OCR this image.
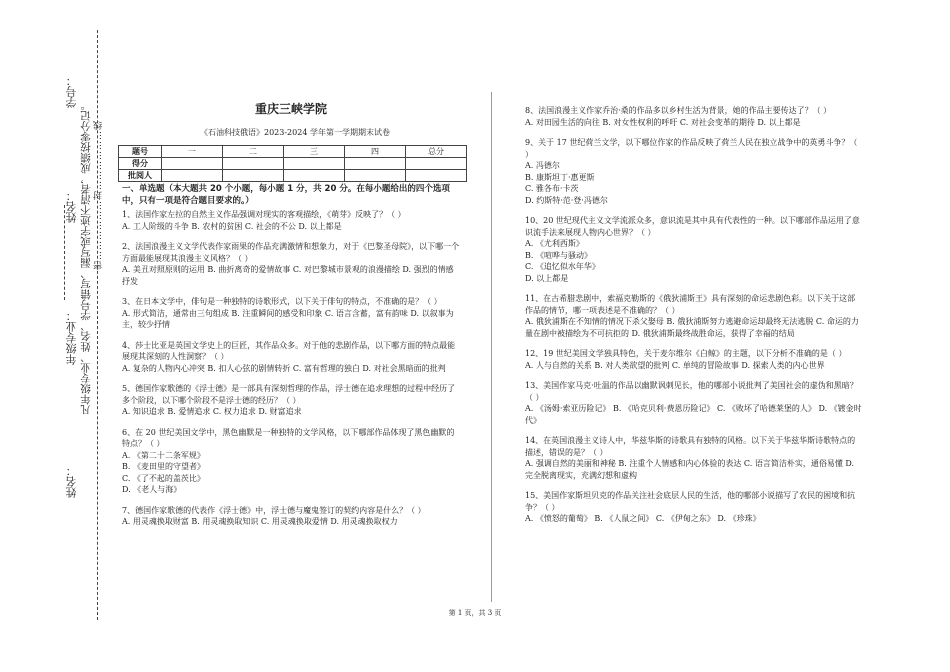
学号：
姓名：
年级专业：
姓名：
凡年级专业、姓名、学号错写、漏写或字迹不清者，成绩按零分记。 密………………封………………线
重庆三峡学院
《石油科技俄语》2023-2024 学年第一学期期末试卷
题号	一	二	三	四	总分
得分					
批阅人					

一、单选题（本大题共 20 个小题，每小题 1 分，共 20 分。在每小题给出的四个选项中，只有一项是符合题目要求的。）

1、法国作家左拉的自然主义作品强调对现实的客观描绘，《萌芽》反映了？（ ）

A. 工人阶级的斗争 B. 农村的贫困 C. 社会的不公 D. 以上都是

2、法国浪漫主义文学代表作家雨果的作品充满激情和想象力，对于《巴黎圣母院》，以下哪一个方面最能展现其浪漫主义风格？（ ）

A. 美丑对照原则的运用 B. 曲折离奇的爱情故事 C. 对巴黎城市景观的浪漫描绘 D. 强烈的情感抒发

3、在日本文学中，俳句是一种独特的诗歌形式，以下关于俳句的特点，不准确的是？（ ）

A. 形式简洁，通常由三句组成 B. 注重瞬间的感受和印象 C. 语言含蓄，富有韵味 D. 以叙事为主，较少抒情

4、莎士比亚是英国文学史上的巨匠，其作品众多。对于他的悲剧作品，以下哪方面的特点最能展现其深刻的人性洞察？（ ）

A. 复杂的人物内心冲突 B. 扣人心弦的剧情转折 C. 富有哲理的独白 D. 对社会黑暗面的批判

5、德国作家歌德的《浮士德》是一部具有深刻哲理的作品，浮士德在追求理想的过程中经历了多个阶段，以下哪个阶段不是浮士德的经历？（ ）

A. 知识追求 B. 爱情追求 C. 权力追求 D. 财富追求

6、在 20 世纪美国文学中，黑色幽默是一种独特的文学风格，以下哪部作品体现了黑色幽默的特点？（ ）

A. 《第二十二条军规》

B. 《麦田里的守望者》

C. 《了不起的盖茨比》

D. 《老人与海》

7、德国作家歌德的代表作《浮士德》中，浮士德与魔鬼签订的契约内容是什么？（ ）

A. 用灵魂换取财富 B. 用灵魂换取知识 C. 用灵魂换取爱情 D. 用灵魂换取权力

8、法国浪漫主义作家乔治·桑的作品多以乡村生活为背景，她的作品主要传达了？（ ）

A. 对田园生活的向往 B. 对女性权利的呼吁 C. 对社会变革的期待 D. 以上都是

9、关于 17 世纪荷兰文学，以下哪位作家的作品反映了荷兰人民在独立战争中的英勇斗争？（ ）

A. 冯德尔

B. 康斯坦丁·惠更斯

C. 雅各布·卡茨

D. 约斯特·范·登·冯德尔

10、20 世纪现代主义文学流派众多，意识流是其中具有代表性的一种。以下哪部作品运用了意识流手法来展现人物内心世界？（ ）

A. 《尤利西斯》

B. 《喧哗与骚动》

C. 《追忆似水年华》

D. 以上都是

11、在古希腊悲剧中，索福克勒斯的《俄狄浦斯王》具有深刻的命运悲剧色彩。以下关于这部作品的情节，哪一项表述是不准确的？（ ）

A. 俄狄浦斯在不知情的情况下杀父娶母 B. 俄狄浦斯努力逃避命运却最终无法逃脱 C. 命运的力量在剧中被描绘为不可抗拒的 D. 俄狄浦斯最终战胜命运，获得了幸福的结局

12、19 世纪美国文学独具特色，关于麦尔维尔《白鲸》的主题，以下分析不准确的是（ ）

A. 人与自然的关系 B. 对人类欲望的批判 C. 单纯的冒险故事 D. 探索人类的内心世界

13、美国作家马克·吐温的作品以幽默讽刺见长，他的哪部小说批判了美国社会的虚伪和黑暗？（ ）

A. 《汤姆·索亚历险记》 B. 《哈克贝利·费恩历险记》 C. 《败坏了哈德莱堡的人》 D. 《镀金时代》

14、在英国浪漫主义诗人中，华兹华斯的诗歌具有独特的风格。以下关于华兹华斯诗歌特点的描述，错误的是？（ ）

A. 强调自然的美丽和神秘 B. 注重个人情感和内心体验的表达 C. 语言简洁朴实，通俗易懂 D. 完全脱离现实，充满幻想和虚构

15、美国作家斯坦贝克的作品关注社会底层人民的生活，他的哪部小说描写了农民的困境和抗争？（ ）

A. 《愤怒的葡萄》 B. 《人鼠之间》 C. 《伊甸之东》 D. 《珍珠》

第 1 页，共 3 页
